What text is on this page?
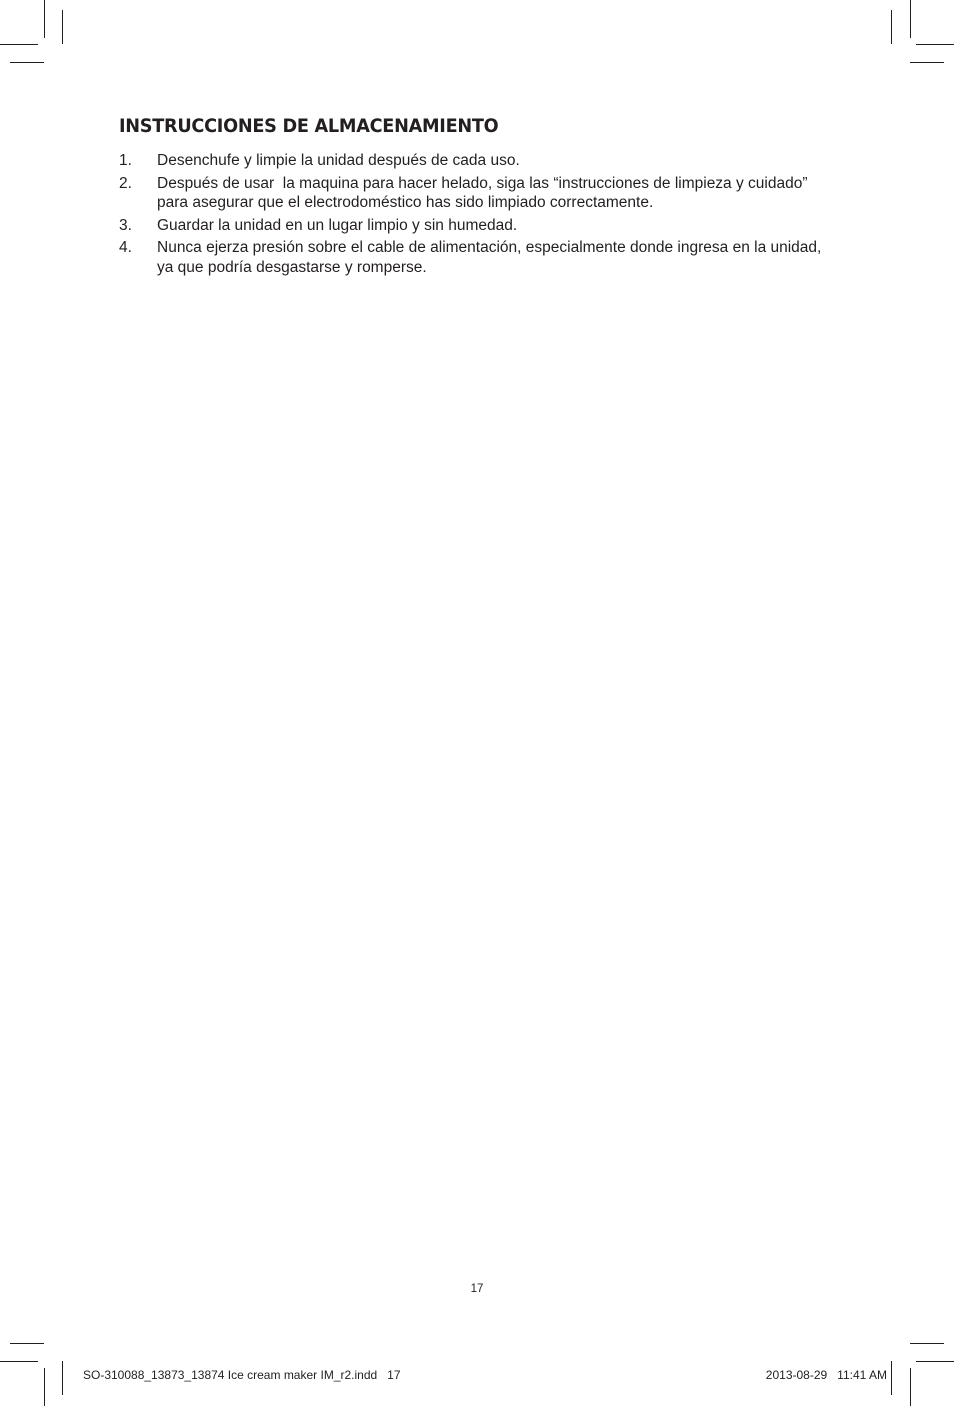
INSTRUCCIONES DE ALMACENAMIENTO
1.	Desenchufe y limpie la unidad después de cada uso.
2.	Después de usar  la maquina para hacer helado, siga las “instrucciones de limpieza y cuidado” para asegurar que el electrodoméstico has sido limpiado correctamente.
3.	Guardar la unidad en un lugar limpio y sin humedad.
4.	Nunca ejerza presión sobre el cable de alimentación, especialmente donde ingresa en la unidad, ya que podría desgastarse y romperse.
17
SO-310088_13873_13874 Ice cream maker IM_r2.indd   17	2013-08-29   11:41 AM
